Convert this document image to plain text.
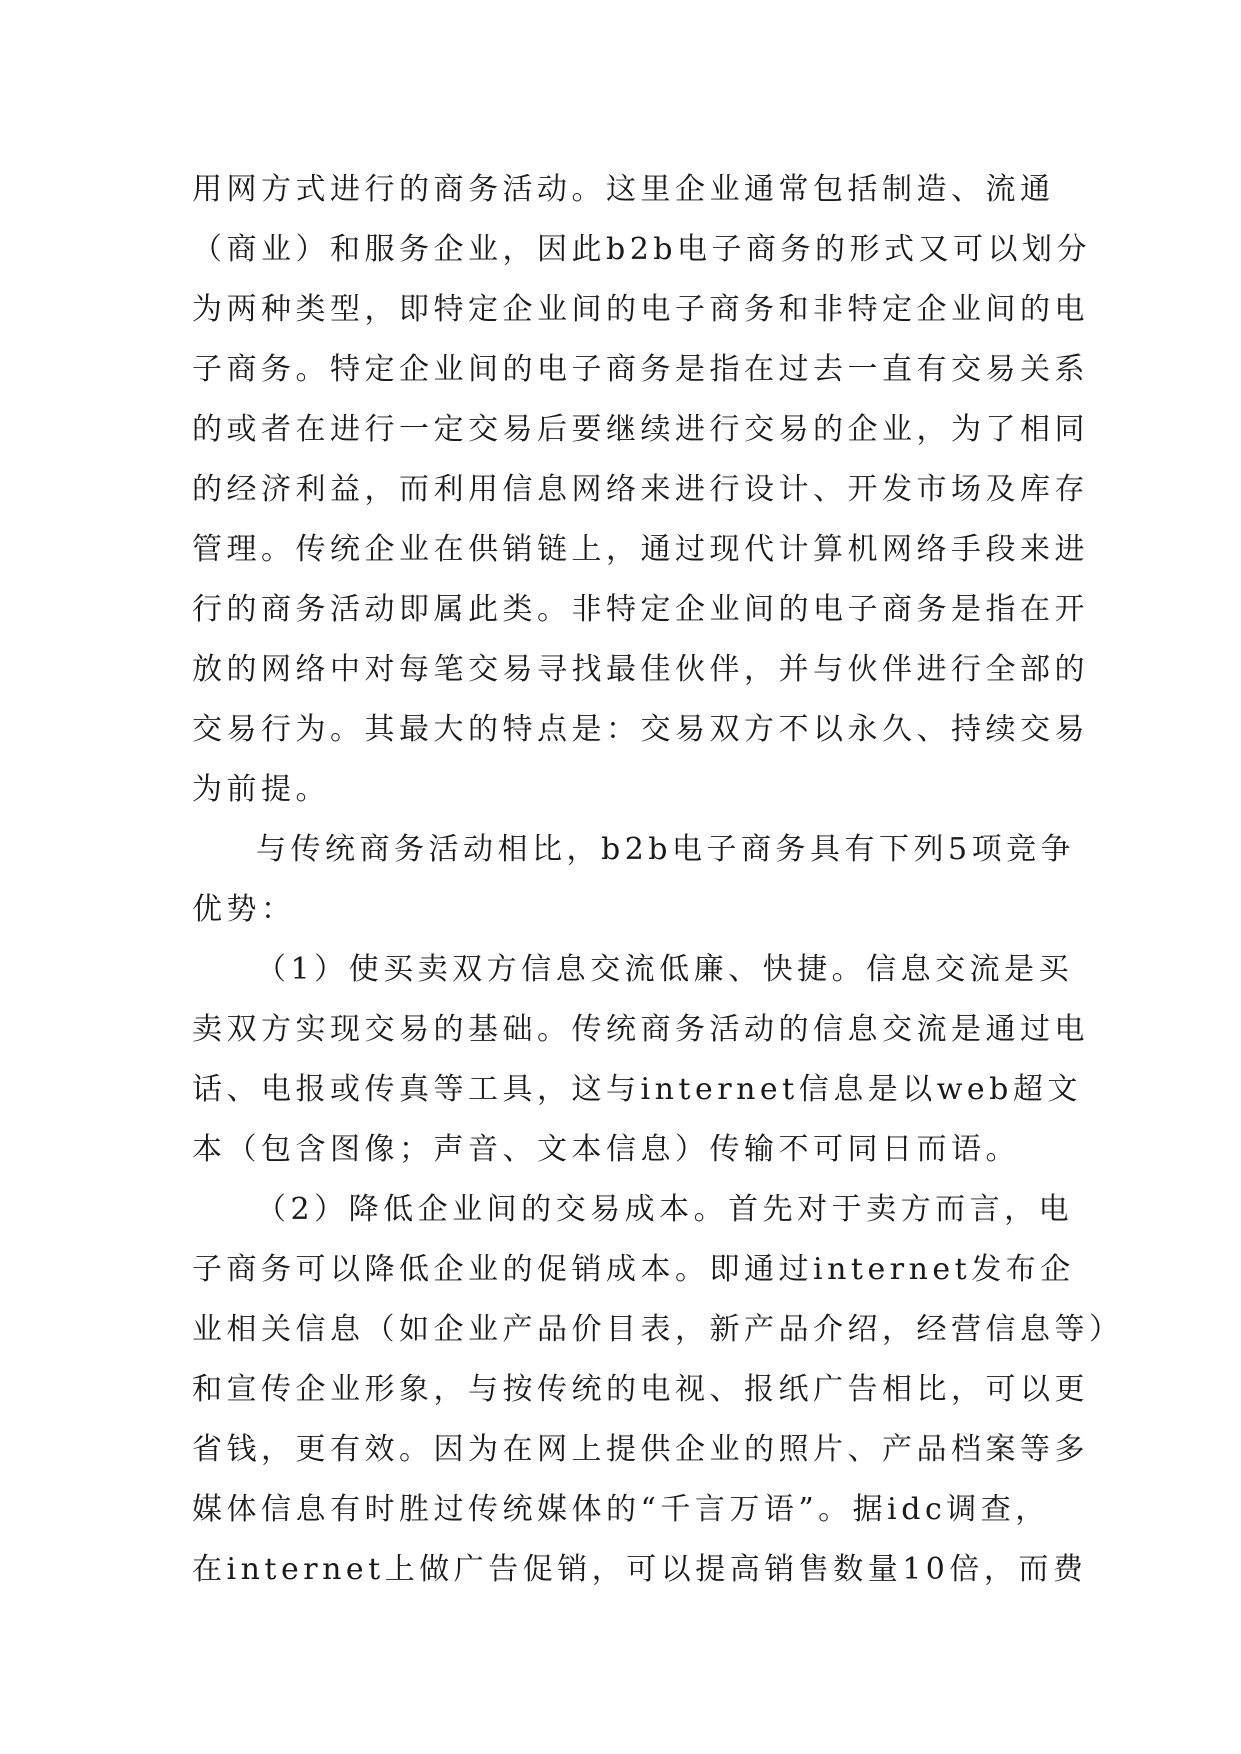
用网方式进行的商务活动。这里企业通常包括制造、流通
（商业）和服务企业，因此b2b电子商务的形式又可以划分
为两种类型，即特定企业间的电子商务和非特定企业间的电
子商务。特定企业间的电子商务是指在过去一直有交易关系
的或者在进行一定交易后要继续进行交易的企业，为了相同
的经济利益，而利用信息网络来进行设计、开发市场及库存
管理。传统企业在供销链上，通过现代计算机网络手段来进
行的商务活动即属此类。非特定企业间的电子商务是指在开
放的网络中对每笔交易寻找最佳伙伴，并与伙伴进行全部的
交易行为。其最大的特点是：交易双方不以永久、持续交易
为前提。
与传统商务活动相比，b2b电子商务具有下列5项竞争
优势：
（1）使买卖双方信息交流低廉、快捷。信息交流是买
卖双方实现交易的基础。传统商务活动的信息交流是通过电
话、电报或传真等工具，这与internet信息是以web超文
本（包含图像；声音、文本信息）传输不可同日而语。
（2）降低企业间的交易成本。首先对于卖方而言，电
子商务可以降低企业的促销成本。即通过internet发布企
业相关信息（如企业产品价目表，新产品介绍，经营信息等）
和宣传企业形象，与按传统的电视、报纸广告相比，可以更
省钱，更有效。因为在网上提供企业的照片、产品档案等多
媒体信息有时胜过传统媒体的“千言万语”。据idc调查，
在internet上做广告促销，可以提高销售数量10倍，而费
